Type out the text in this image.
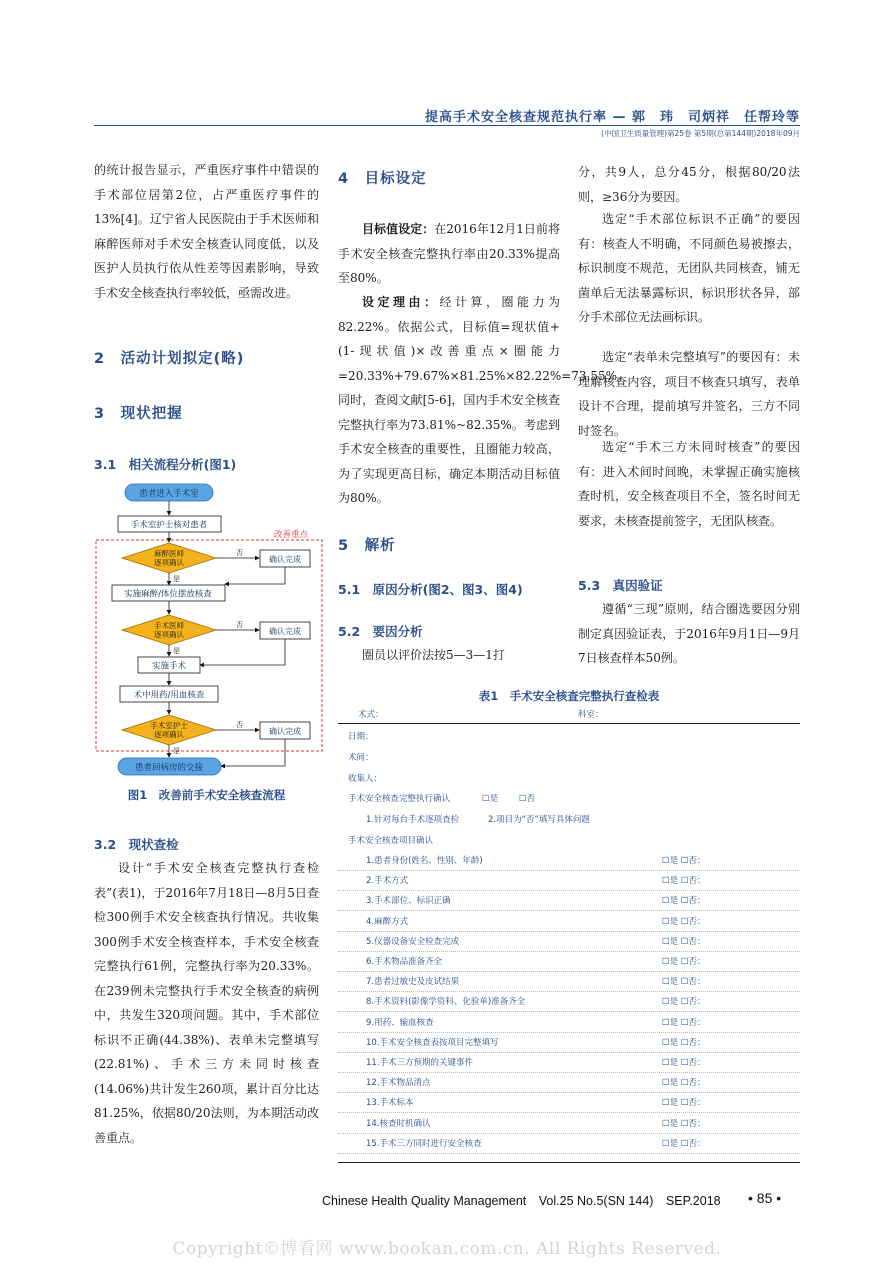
提高手术安全核查规范执行率 — 郭　玮　司炳祥　任帮玲等
(中国卫生质量管理)第25卷 第5期(总第144期)2018年09月

的统计报告显示，严重医疗事件中错误的手术部位居第2位，占严重医疗事件的13%[4]。辽宁省人民医院由于手术医师和麻醉医师对手术安全核查认同度低，以及医护人员执行依从性差等因素影响，导致手术安全核查执行率较低，亟需改进。

2　活动计划拟定(略)
3　现状把握
3.1　相关流程分析(图1)
患者进入手术室
手术室护士核对患者
改善重点
麻醉医师
逐项确认
否
确认完成
是
实施麻醉/体位摆放核查
手术医师
逐项确认
否
确认完成
是
实施手术
术中用药/用血核查
手术室护士
逐项确认
否
确认完成
是
患者回病房的交接
图1　改善前手术安全核查流程
3.2　现状查检

设计“手术安全核查完整执行查检表”(表1)，于2016年7月18日—8月5日查检300例手术安全核查执行情况。共收集300例手术安全核查样本，手术安全核查完整执行61例，完整执行率为20.33%。在239例未完整执行手术安全核查的病例中，共发生320项问题。其中，手术部位标识不正确(44.38%)、表单未完整填写(22.81%)、手术三方未同时核查(14.06%)共计发生260项，累计百分比达81.25%，依据80/20法则，为本期活动改善重点。

4　目标设定

目标值设定：在2016年12月1日前将手术安全核查完整执行率由20.33%提高至80%。

设定理由：经计算，圈能力为82.22%。依据公式，目标值=现状值+(1-现状值)×改善重点×圈能力=20.33%+79.67%×81.25%×82.22%=73.55%。同时，查阅文献[5-6]，国内手术安全核查完整执行率为73.81%~82.35%。考虑到手术安全核查的重要性，且圈能力较高，为了实现更高目标，确定本期活动目标值为80%。

5　解析
5.1　原因分析(图2、图3、图4)
5.2　要因分析

圈员以评价法按5—3—1打

分，共9人，总分45分，根据80/20法则，≥36分为要因。

选定“手术部位标识不正确”的要因有：核查人不明确，不同颜色易被擦去，标识制度不规范，无团队共同核查，铺无菌单后无法暴露标识，标识形状各异，部分手术部位无法画标识。

选定“表单未完整填写”的要因有：未理解核查内容，项目不核查只填写，表单设计不合理，提前填写并签名，三方不同时签名。

选定“手术三方未同时核查”的要因有：进入术间时间晚，未掌握正确实施核查时机，安全核查项目不全，签名时间无要求，未核查提前签字，无团队核查。

5.3　真因验证

遵循“三现”原则，结合圈选要因分别制定真因验证表，于2016年9月1日—9月7日核查样本50例。

表1　手术安全核查完整执行查检表
术式：	科室：
日期：
术间：
收集人：
手术安全核查完整执行确认	☐是 ☐否
1.针对每台手术逐项查检	2.项目为“否”填写具体问题
手术安全核查项目确认
1.患者身份(姓名、性别、年龄)	☐是 ☐否：
2.手术方式	☐是 ☐否：
3.手术部位、标识正确	☐是 ☐否：
4.麻醉方式	☐是 ☐否：
5.仪器设备安全检查完成	☐是 ☐否：
6.手术物品准备齐全	☐是 ☐否：
7.患者过敏史及皮试结果	☐是 ☐否：
8.手术资料(影像学资料、化验单)准备齐全	☐是 ☐否：
9.用药、输血核查	☐是 ☐否：
10.手术安全核查表按项目完整填写	☐是 ☐否：
11.手术三方预期的关键事件	☐是 ☐否：
12.手术物品清点	☐是 ☐否：
13.手术标本	☐是 ☐否：
14.核查时机确认	☐是 ☐否：
15.手术三方同时进行安全核查	☐是 ☐否：
Chinese Health Quality Management　Vol.25 No.5(SN 144)　SEP.2018 • 85 •
Copyright©博看网 www.bookan.com.cn. All Rights Reserved.
